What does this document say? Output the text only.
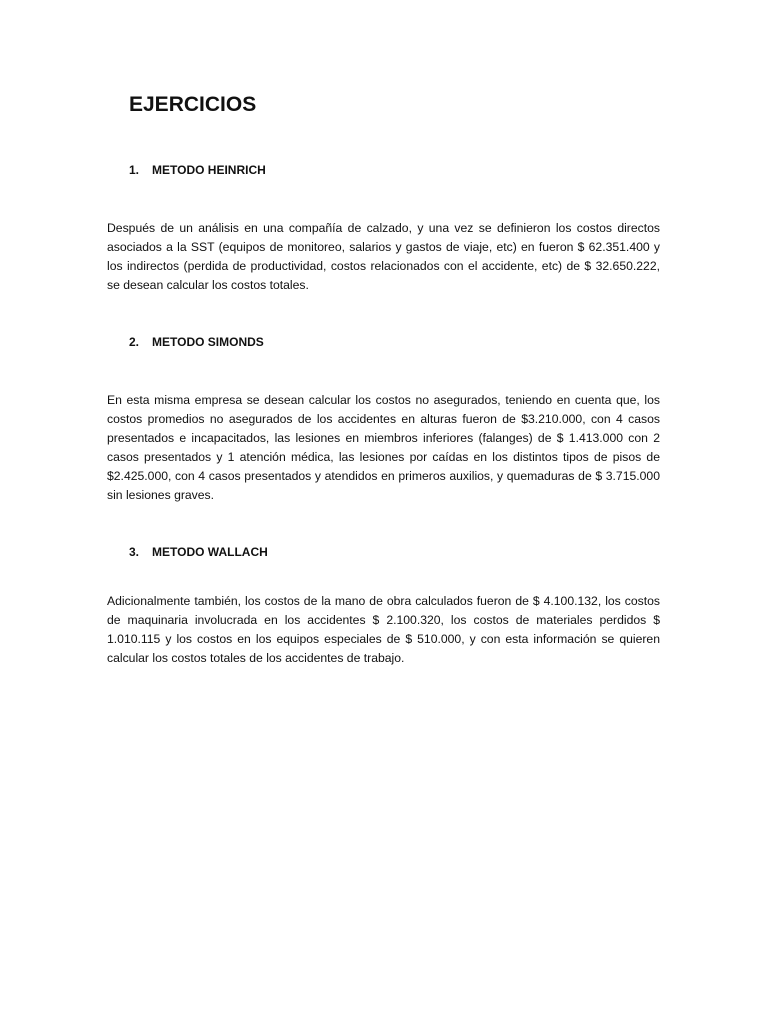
EJERCICIOS
1. METODO HEINRICH

Después de un análisis en una compañía de calzado, y una vez se definieron los costos directos asociados a la SST (equipos de monitoreo, salarios y gastos de viaje, etc) en fueron $ 62.351.400 y los indirectos (perdida de productividad, costos relacionados con el accidente, etc) de $ 32.650.222, se desean calcular los costos totales.

2. METODO SIMONDS

En esta misma empresa se desean calcular los costos no asegurados, teniendo en cuenta que, los costos promedios no asegurados de los accidentes en alturas fueron de $3.210.000, con 4 casos presentados e incapacitados, las lesiones en miembros inferiores (falanges) de $ 1.413.000 con 2 casos presentados y 1 atención médica, las lesiones por caídas en los distintos tipos de pisos de $2.425.000, con 4 casos presentados y atendidos en primeros auxilios, y quemaduras de $ 3.715.000 sin lesiones graves.

3. METODO WALLACH

Adicionalmente también, los costos de la mano de obra calculados fueron de $ 4.100.132, los costos de maquinaria involucrada en los accidentes $ 2.100.320, los costos de materiales perdidos $ 1.010.115 y los costos en los equipos especiales de $ 510.000, y con esta información se quieren calcular los costos totales de los accidentes de trabajo.
